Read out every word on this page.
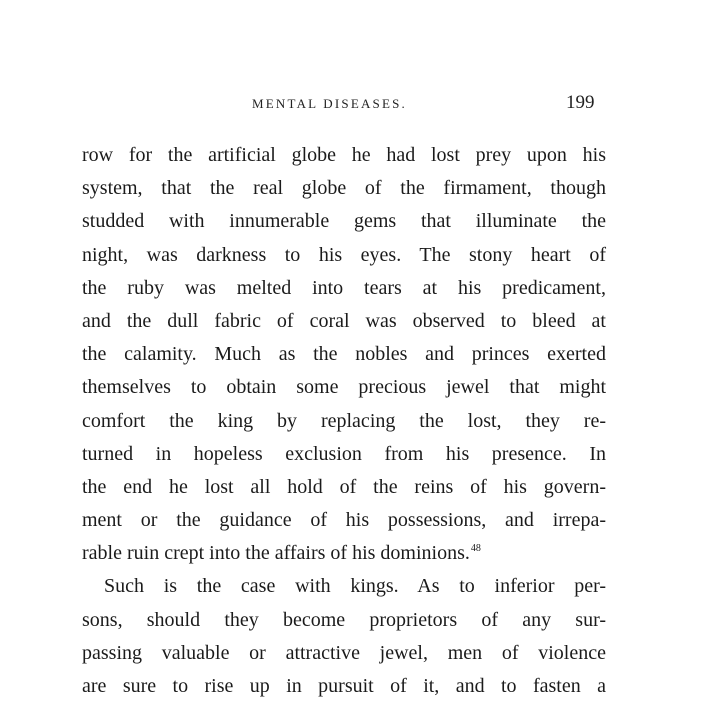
MENTAL DISEASES.	199
row for the artificial globe he had lost prey upon his
system, that the real globe of the firmament, though
studded with innumerable gems that illuminate the
night, was darkness to his eyes. The stony heart of
the ruby was melted into tears at his predicament,
and the dull fabric of coral was observed to bleed at
the calamity. Much as the nobles and princes exerted
themselves to obtain some precious jewel that might
comfort the king by replacing the lost, they re-
turned in hopeless exclusion from his presence. In
the end he lost all hold of the reins of his govern-
ment or the guidance of his possessions, and irrepa-
rable ruin crept into the affairs of his dominions.$^{48}$
Such is the case with kings. As to inferior per-
sons, should they become proprietors of any sur-
passing valuable or attractive jewel, men of violence
are sure to rise up in pursuit of it, and to fasten a
